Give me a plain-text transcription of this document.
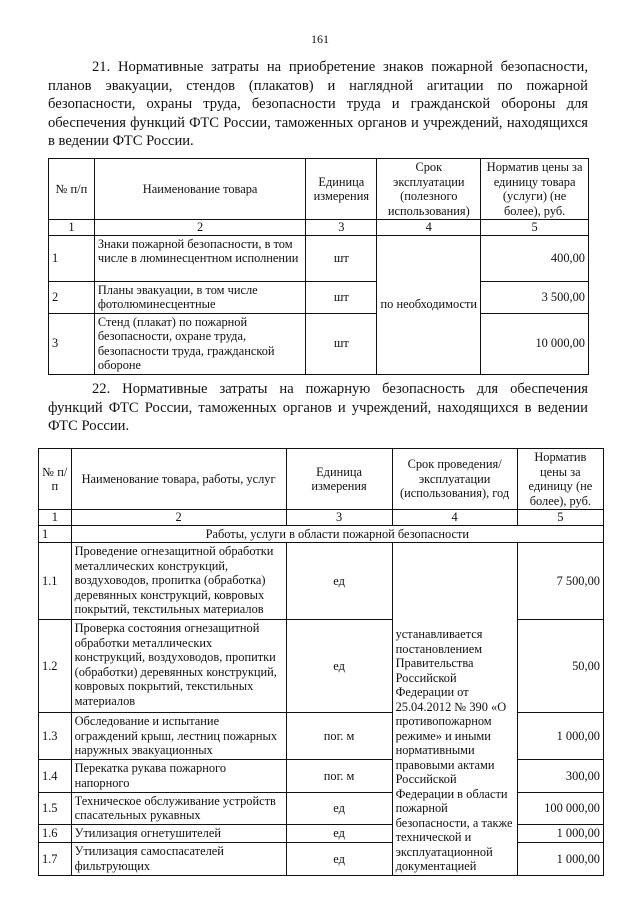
161

21. Нормативные затраты на приобретение знаков пожарной безопасности, планов эвакуации, стендов (плакатов) и наглядной агитации по пожарной безопасности, охраны труда, безопасности труда и гражданской обороны для обеспечения функций ФТС России, таможенных органов и учреждений, находящихся в ведении ФТС России.

№ п/п	Наименование товара	Единица измерения	Срок эксплуатации (полезного использования)	Норматив цены за единицу товара (услуги) (не более), руб.
1	2	3	4	5
1	Знаки пожарной безопасности, в том числе в люминесцентном исполнении	шт	по необходимости	400,00
2	Планы эвакуации, в том числе фотолюминесцентные	шт		3 500,00
3	Стенд (плакат) по пожарной безопасности, охране труда, безопасности труда, гражданской обороне	шт		10 000,00

22. Нормативные затраты на пожарную безопасность для обеспечения функций ФТС России, таможенных органов и учреждений, находящихся в ведении ФТС России.

№ п/п	Наименование товара, работы, услуг	Единица измерения	Срок проведения/эксплуатации (использования), год	Норматив цены за единицу (не более), руб.
1	2	3	4	5
1	Работы, услуги в области пожарной безопасности			
1.1	Проведение огнезащитной обработки металлических конструкций, воздуховодов, пропитка (обработка) деревянных конструкций, ковровых покрытий, текстильных материалов	ед	устанавливается постановлением Правительства Российской Федерации от 25.04.2012 № 390 «О противопожарном режиме» и иными нормативными правовыми актами Российской Федерации в области пожарной безопасности, а также технической и эксплуатационной документацией	7 500,00
1.2	Проверка состояния огнезащитной обработки металлических конструкций, воздуховодов, пропитки (обработки) деревянных конструкций, ковровых покрытий, текстильных материалов	ед		50,00
1.3	Обследование и испытание ограждений крыш, лестниц пожарных наружных эвакуационных	пог. м		1 000,00
1.4	Перекатка рукава пожарного напорного	пог. м		300,00
1.5	Техническое обслуживание устройств спасательных рукавных	ед		100 000,00
1.6	Утилизация огнетушителей	ед		1 000,00
1.7	Утилизация самоспасателей фильтрующих	ед		1 000,00
